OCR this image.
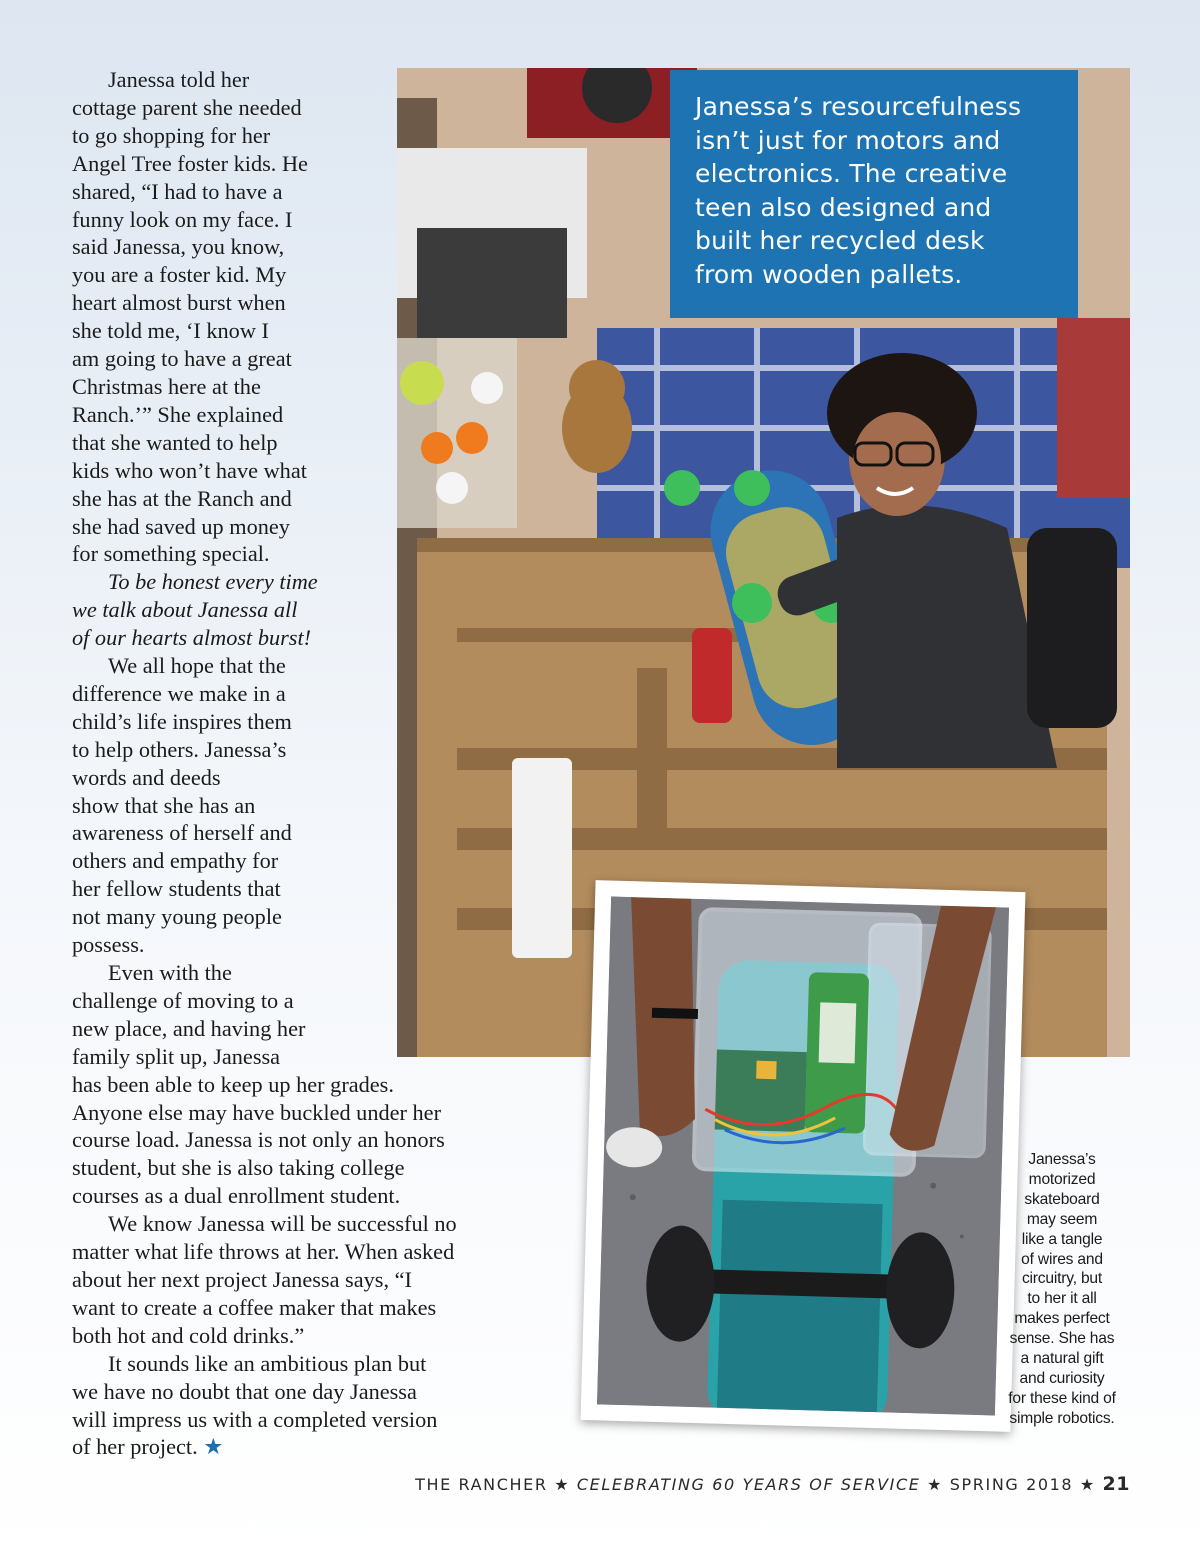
Janessa told her
cottage parent she needed
to go shopping for her
Angel Tree foster kids. He
shared, “I had to have a
funny look on my face. I
said Janessa, you know,
you are a foster kid. My
heart almost burst when
she told me, ‘I know I
am going to have a great
Christmas here at the
Ranch.’” She explained
that she wanted to help
kids who won’t have what
she has at the Ranch and
she had saved up money
for something special.
To be honest every time
we talk about Janessa all
of our hearts almost burst!
We all hope that the
difference we make in a
child’s life inspires them
to help others. Janessa’s
words and deeds
show that she has an
awareness of herself and
others and empathy for
her fellow students that
not many young people
possess.
Even with the
challenge of moving to a
new place, and having her
family split up, Janessa
has been able to keep up her grades.
Anyone else may have buckled under her
course load. Janessa is not only an honors
student, but she is also taking college
courses as a dual enrollment student.
We know Janessa will be successful no
matter what life throws at her. When asked
about her next project Janessa says, “I
want to create a coffee maker that makes
both hot and cold drinks.”
It sounds like an ambitious plan but
we have no doubt that one day Janessa
will impress us with a completed version
of her project. ★
Janessa’s resourcefulness
isn’t just for motors and
electronics. The creative
teen also designed and
built her recycled desk
from wooden pallets.
Janessa’s
motorized
skateboard
may seem
like a tangle
of wires and
circuitry, but
to her it all
makes perfect
sense. She has
a natural gift
and curiosity
for these kind of
simple robotics.
THE RANCHER ★ CELEBRATING 60 YEARS OF SERVICE ★ SPRING 2018 ★ 21
